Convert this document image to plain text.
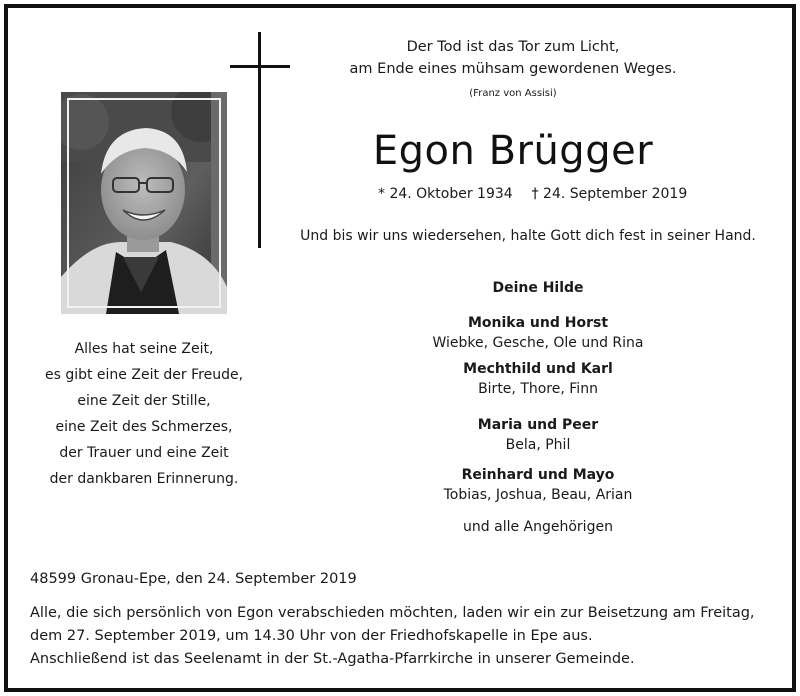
Der Tod ist das Tor zum Licht,
am Ende eines mühsam gewordenen Weges.
(Franz von Assisi)
Egon Brügger
* 24. Oktober 1934 † 24. September 2019
Und bis wir uns wiedersehen, halte Gott dich fest in seiner Hand.
Alles hat seine Zeit,
es gibt eine Zeit der Freude,
eine Zeit der Stille,
eine Zeit des Schmerzes,
der Trauer und eine Zeit
der dankbaren Erinnerung.
Deine Hilde
Monika und Horst
Wiebke, Gesche, Ole und Rina
Mechthild und Karl
Birte, Thore, Finn
Maria und Peer
Bela, Phil
Reinhard und Mayo
Tobias, Joshua, Beau, Arian
und alle Angehörigen
48599 Gronau-Epe, den 24. September 2019
Alle, die sich persönlich von Egon verabschieden möchten, laden wir ein zur Beisetzung am Freitag,
dem 27. September 2019, um 14.30 Uhr von der Friedhofskapelle in Epe aus.
Anschließend ist das Seelenamt in der St.-Agatha-Pfarrkirche in unserer Gemeinde.
